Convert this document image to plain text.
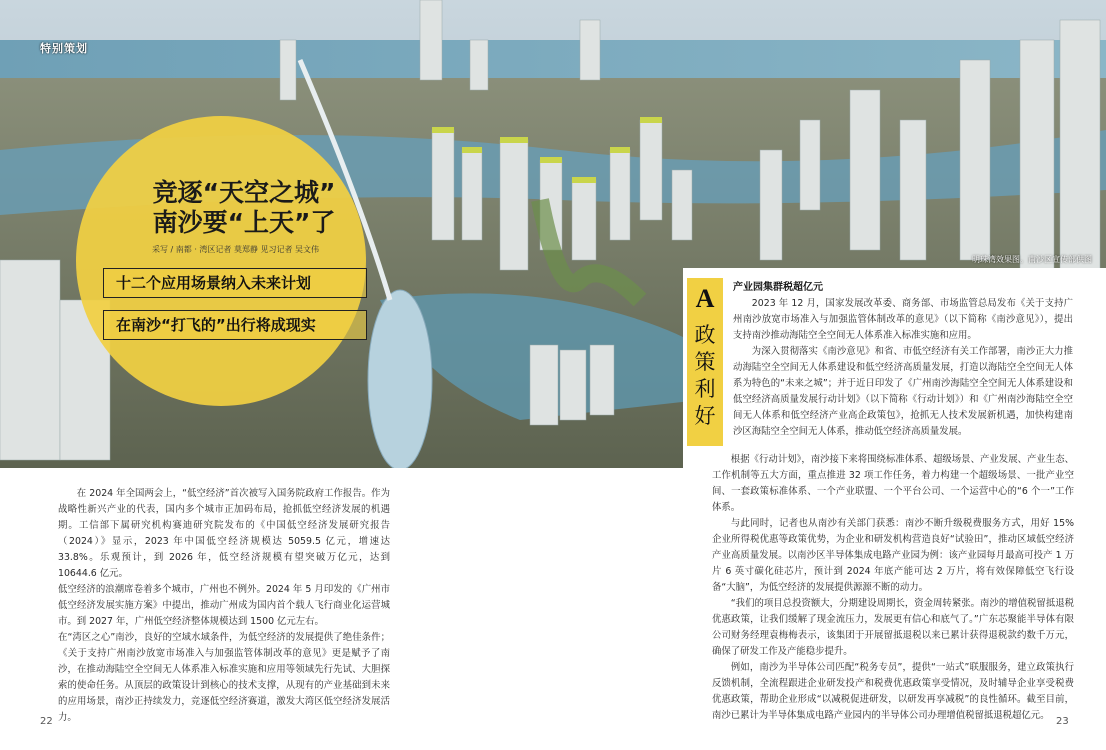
特别策划
竞逐“天空之城”
南沙要“上天”了
采写 / 南都 · 湾区记者 莫郑静 见习记者 吴文伟
十二个应用场景纳入未来计划
在南沙“打飞的”出行将成现实
明珠湾效果图。南沙区宣传部供图
A
政策利好
产业园集群税超亿元

在 2024 年全国两会上，“低空经济”首次被写入国务院政府工作报告。作为战略性新兴产业的代表，国内多个城市正加码布局，抢抓低空经济发展的机遇期。工信部下属研究机构赛迪研究院发布的《中国低空经济发展研究报告（2024）》显示，2023 年中国低空经济规模达 5059.5 亿元，增速达 33.8%。乐观预计，到 2026 年，低空经济规模有望突破万亿元，达到 10644.6 亿元。

低空经济的浪潮席卷着多个城市，广州也不例外。2024 年 5 月印发的《广州市低空经济发展实施方案》中提出，推动广州成为国内首个载人飞行商业化运营城市。到 2027 年，广州低空经济整体规模达到 1500 亿元左右。

在“湾区之心”南沙，良好的空域水域条件，为低空经济的发展提供了绝佳条件；《关于支持广州南沙放宽市场准入与加强监管体制改革的意见》更是赋予了南沙，在推动海陆空全空间无人体系准入标准实施和应用等领域先行先试、大胆探索的使命任务。从顶层的政策设计到核心的技术支撑，从现有的产业基础到未来的应用场景，南沙正持续发力，竞逐低空经济赛道，激发大湾区低空经济发展活力。

2023 年 12 月，国家发展改革委、商务部、市场监管总局发布《关于支持广州南沙放宽市场准入与加强监管体制改革的意见》（以下简称《南沙意见》），提出支持南沙推动海陆空全空间无人体系准入标准实施和应用。

为深入贯彻落实《南沙意见》和省、市低空经济有关工作部署，南沙正大力推动海陆空全空间无人体系建设和低空经济高质量发展，打造以海陆空全空间无人体系为特色的“未来之城”；并于近日印发了《广州南沙海陆空全空间无人体系建设和低空经济高质量发展行动计划》（以下简称《行动计划》）和《广州南沙海陆空全空间无人体系和低空经济产业高企政策包》，抢抓无人技术发展新机遇，加快构建南沙区海陆空全空间无人体系，推动低空经济高质量发展。

根据《行动计划》，南沙接下来将围绕标准体系、超级场景、产业发展、产业生态、工作机制等五大方面，重点推进 32 项工作任务，着力构建一个超级场景、一批产业空间、一套政策标准体系、一个产业联盟、一个平台公司、一个运营中心的“6 个一”工作体系。

与此同时，记者也从南沙有关部门获悉：南沙不断升级税费服务方式，用好 15% 企业所得税优惠等政策优势，为企业和研发机构营造良好“试验田”，推动区域低空经济产业高质量发展。以南沙区半导体集成电路产业园为例：该产业园每月最高可投产 1 万片 6 英寸碳化硅芯片，预计到 2024 年底产能可达 2 万片，将有效保障低空飞行设备“大脑”，为低空经济的发展提供源源不断的动力。

“我们的项目总投资额大，分期建设周期长，资金周转紧张。南沙的增值税留抵退税优惠政策，让我们缓解了现金流压力，发展更有信心和底气了。”广东芯聚能半导体有限公司财务经理袁梅梅表示，该集团于开展留抵退税以来已累计获得退税款约数千万元，确保了研发工作及产能稳步提升。

例如，南沙为半导体公司匹配“税务专员”，提供“一站式”联服服务，建立政策执行反馈机制，全流程跟进企业研发投产和税费优惠政策享受情况，及时辅导企业享受税费优惠政策，帮助企业形成“以减税促进研发，以研发再享减税”的良性循环。截至目前，南沙已累计为半导体集成电路产业园内的半导体公司办理增值税留抵退税超亿元。

22	23
